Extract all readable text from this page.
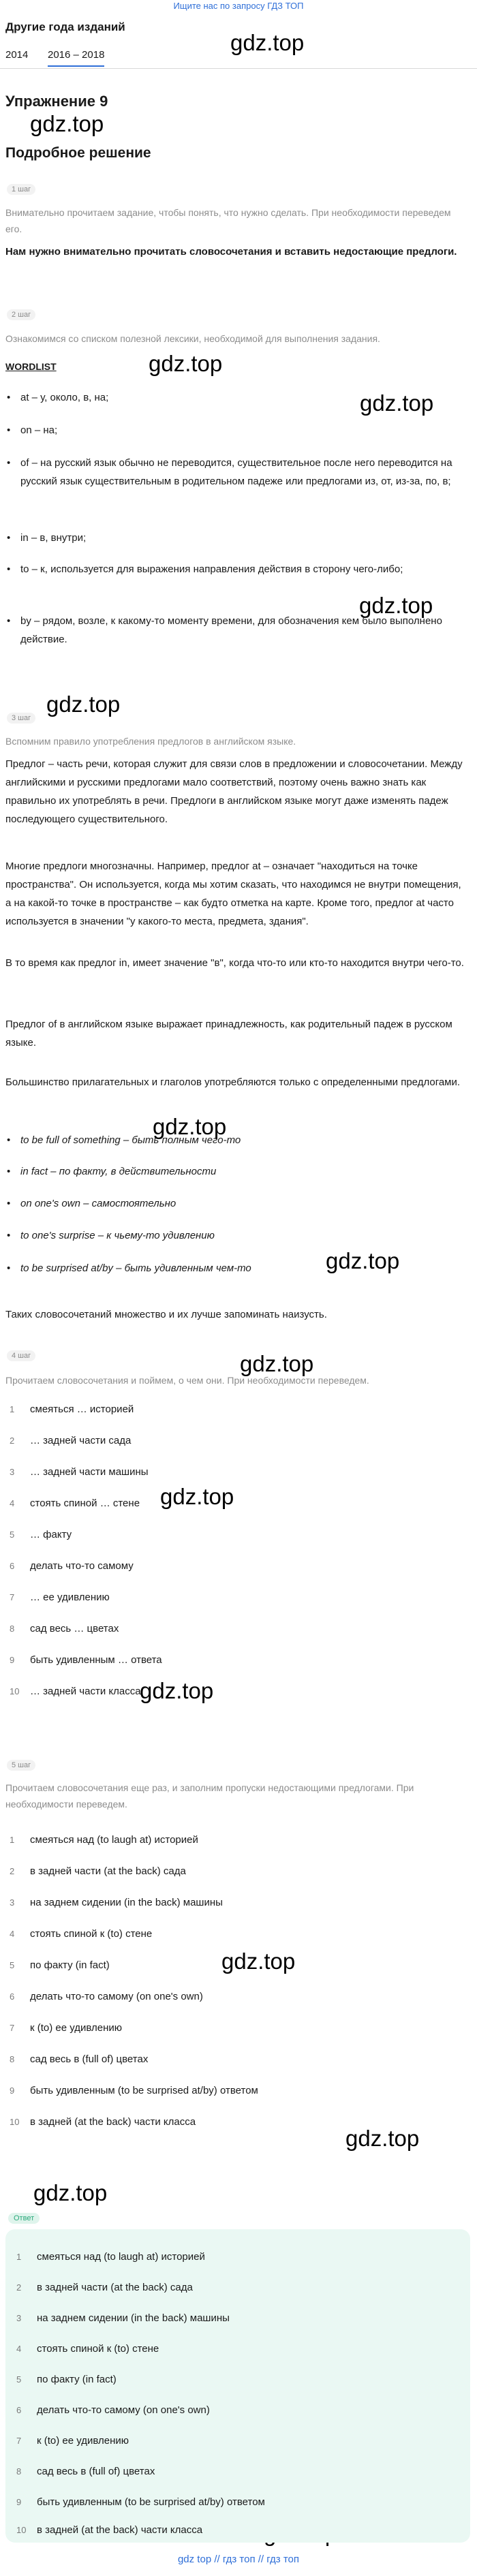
Ищите нас по запросу ГДЗ ТОП
Другие года изданий
2014 2016 – 2018
Упражнение 9
Подробное решение
gdz.top
gdz.top
gdz.top
gdz.top
gdz.top
gdz.top
gdz.top
gdz.top
gdz.top
gdz.top
gdz.top
gdz.top
gdz.top
gdz.top
1 шаг
Внимательно прочитаем задание, чтобы понять, что нужно сделать. При необходимости переведем его.
Нам нужно внимательно прочитать словосочетания и вставить недостающие предлоги.
2 шаг
Ознакомимся со списком полезной лексики, необходимой для выполнения задания.
WORDLIST
• at – у, около, в, на;
• on – на;
• of – на русский язык обычно не переводится, существительное после него переводится на русский язык существительным в родительном падеже или предлогами из, от, из-за, по, в;
• in – в, внутри;
• to – к, используется для выражения направления действия в сторону чего-либо;
• by – рядом, возле, к какому-то моменту времени, для обозначения кем было выполнено действие.
3 шаг
Вспомним правило употребления предлогов в английском языке.
Предлог – часть речи, которая служит для связи слов в предложении и словосочетании. Между английскими и русскими предлогами мало соответствий, поэтому очень важно знать как правильно их употреблять в речи. Предлоги в английском языке могут даже изменять падеж последующего существительного.
Многие предлоги многозначны. Например, предлог at – означает "находиться на точке пространства". Он используется, когда мы хотим сказать, что находимся не внутри помещения, а на какой-то точке в пространстве – как будто отметка на карте. Кроме того, предлог at часто используется в значении "у какого-то места, предмета, здания".
В то время как предлог in, имеет значение "в", когда что-то или кто-то находится внутри чего-то.
Предлог of в английском языке выражает принадлежность, как родительный падеж в русском языке.
Большинство прилагательных и глаголов употребляются только с определенными предлогами.
• to be full of something – быть полным чего-то
• in fact – по факту, в действительности
• on one's own – самостоятельно
• to one's surprise – к чьему-то удивлению
• to be surprised at/by – быть удивленным чем-то
Таких словосочетаний множество и их лучше запоминать наизусть.
4 шаг
Прочитаем словосочетания и поймем, о чем они. При необходимости переведем.
1 смеяться … историей
2 … задней части сада
3 … задней части машины
4 стоять спиной … стене
5 … факту
6 делать что-то самому
7 … ее удивлению
8 сад весь … цветах
9 быть удивленным … ответа
10 … задней части класса
5 шаг
Прочитаем словосочетания еще раз, и заполним пропуски недостающими предлогами. При необходимости переведем.
1 смеяться над (to laugh at) историей
2 в задней части (at the back) сада
3 на заднем сидении (in the back) машины
4 стоять спиной к (to) стене
5 по факту (in fact)
6 делать что-то самому (on one's own)
7 к (to) ее удивлению
8 сад весь в (full of) цветах
9 быть удивленным (to be surprised at/by) ответом
10 в задней (at the back) части класса
Ответ
1 смеяться над (to laugh at) историей
2 в задней части (at the back) сада
3 на заднем сидении (in the back) машины
4 стоять спиной к (to) стене
5 по факту (in fact)
6 делать что-то самому (on one's own)
7 к (to) ее удивлению
8 сад весь в (full of) цветах
9 быть удивленным (to be surprised at/by) ответом
10 в задней (at the back) части класса
gdz top // гдз топ // гдз топ
